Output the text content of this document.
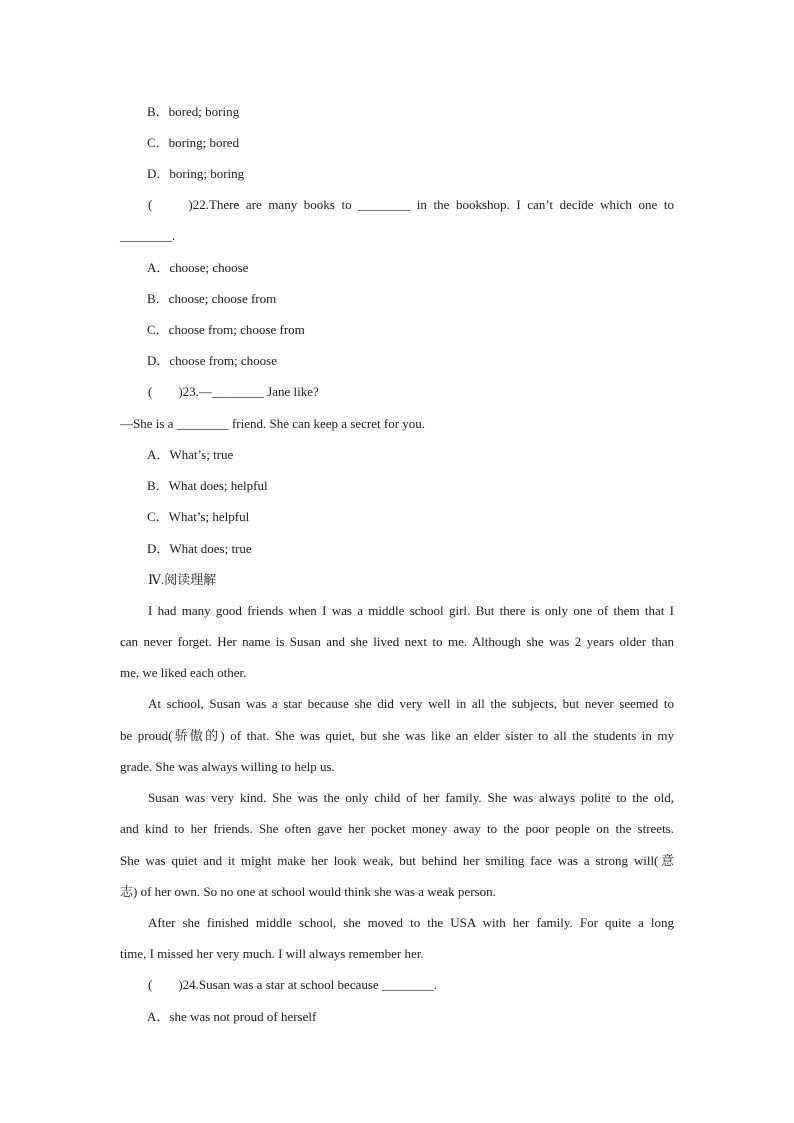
B．bored; boring
C．boring; bored
D．boring; boring
(　　)22.There are many books to ________ in the bookshop. I can’t decide which one to
________.
A．choose; choose
B．choose; choose from
C．choose from; choose from
D．choose from; choose
(　　)23.—________ Jane like?
—She is a ________ friend. She can keep a secret for you.
A．What’s; true
B．What does; helpful
C．What’s; helpful
D．What does; true
Ⅳ.阅读理解
I had many good friends when I was a middle school girl. But there is only one of them that I
can never forget. Her name is Susan and she lived next to me. Although she was 2 years older than
me, we liked each other.
At school, Susan was a star because she did very well in all the subjects, but never seemed to
be proud(骄傲的) of that. She was quiet, but she was like an elder sister to all the students in my
grade. She was always willing to help us.
Susan was very kind. She was the only child of her family. She was always polite to the old,
and kind to her friends. She often gave her pocket money away to the poor people on the streets.
She was quiet and it might make her look weak, but behind her smiling face was a strong will(意
志) of her own. So no one at school would think she was a weak person.
After she finished middle school, she moved to the USA with her family. For quite a long
time, I missed her very much. I will always remember her.
(　　)24.Susan was a star at school because ________.
A．she was not proud of herself
